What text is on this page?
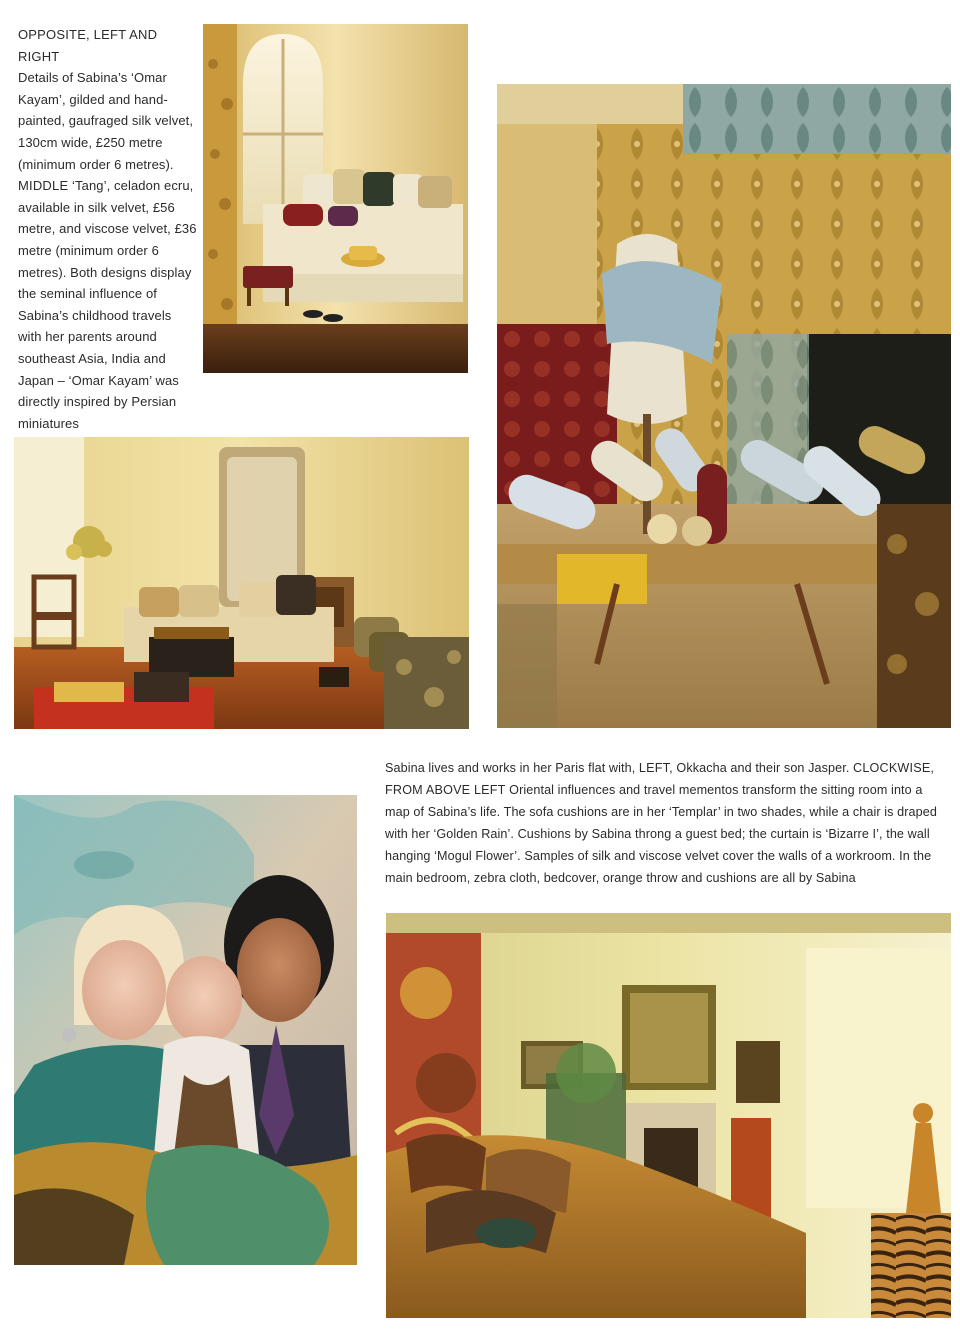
OPPOSITE, LEFT AND RIGHT
Details of Sabina’s ‘Omar Kayam’, gilded and hand-painted, gaufraged silk velvet, 130cm wide, £250 metre (minimum order 6 metres). MIDDLE ‘Tang’, celadon ecru, available in silk velvet, £56 metre, and viscose velvet, £36 metre (minimum order 6 metres). Both designs display the seminal influence of Sabina’s childhood travels with her parents around southeast Asia, India and Japan – ‘Omar Kayam’ was directly inspired by Persian miniatures
Sabina lives and works in her Paris flat with, LEFT, Okkacha and their son Jasper. CLOCKWISE, FROM ABOVE LEFT Oriental influences and travel mementos transform the sitting room into a map of Sabina’s life. The sofa cushions are in her ‘Templar’ in two shades, while a chair is draped with her ‘Golden Rain’. Cushions by Sabina throng a guest bed; the curtain is ‘Bizarre I’, the wall hanging ‘Mogul Flower’. Samples of silk and viscose velvet cover the walls of a workroom. In the main bedroom, zebra cloth, bedcover, orange throw and cushions are all by Sabina
